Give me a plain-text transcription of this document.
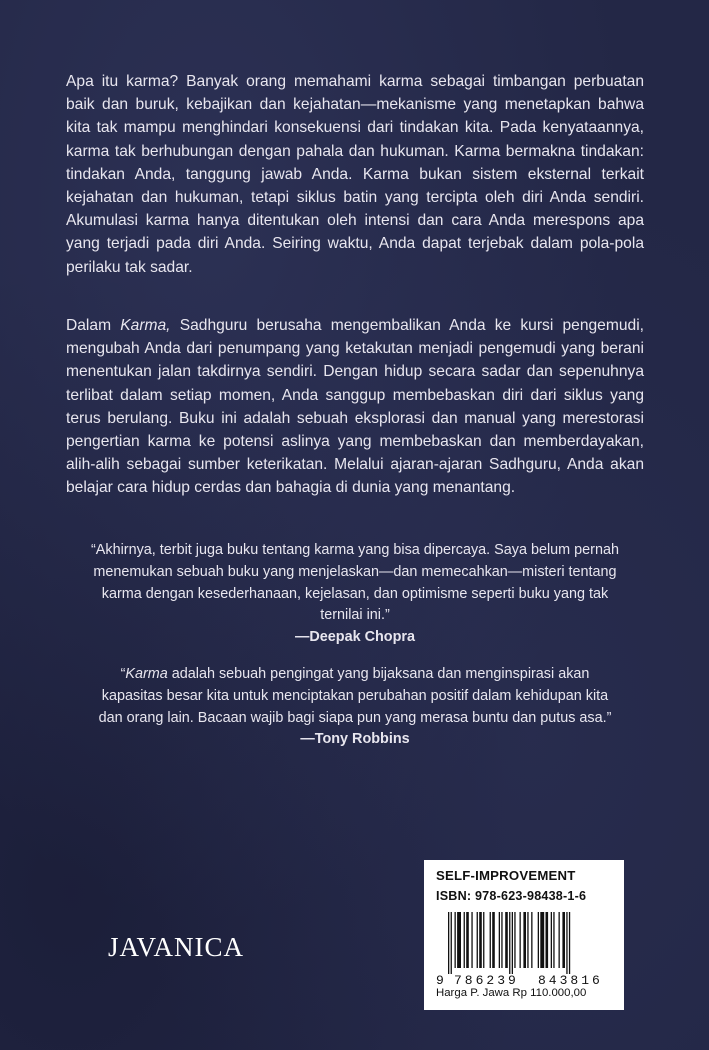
Apa itu karma? Banyak orang memahami karma sebagai timbangan perbuatan baik dan buruk, kebajikan dan kejahatan—mekanisme yang menetapkan bahwa kita tak mampu menghindari konsekuensi dari tindakan kita. Pada kenyataannya, karma tak berhubungan dengan pahala dan hukuman. Karma bermakna tindakan: tindakan Anda, tanggung jawab Anda. Karma bukan sistem eksternal terkait kejahatan dan hukuman, tetapi siklus batin yang tercipta oleh diri Anda sendiri. Akumulasi karma hanya ditentukan oleh intensi dan cara Anda merespons apa yang terjadi pada diri Anda. Seiring waktu, Anda dapat terjebak dalam pola-pola perilaku tak sadar.
Dalam Karma, Sadhguru berusaha mengembalikan Anda ke kursi pengemudi, mengubah Anda dari penumpang yang ketakutan menjadi pengemudi yang berani menentukan jalan takdirnya sendiri. Dengan hidup secara sadar dan sepenuhnya terlibat dalam setiap momen, Anda sanggup membebaskan diri dari siklus yang terus berulang. Buku ini adalah sebuah eksplorasi dan manual yang merestorasi pengertian karma ke potensi aslinya yang membebaskan dan memberdayakan, alih-alih sebagai sumber keterikatan. Melalui ajaran-ajaran Sadhguru, Anda akan belajar cara hidup cerdas dan bahagia di dunia yang menantang.
“Akhirnya, terbit juga buku tentang karma yang bisa dipercaya. Saya belum pernah menemukan sebuah buku yang menjelaskan—dan memecahkan—misteri tentang karma dengan kesederhanaan, kejelasan, dan optimisme seperti buku yang tak ternilai ini.”
—Deepak Chopra
“Karma adalah sebuah pengingat yang bijaksana dan menginspirasi akan kapasitas besar kita untuk menciptakan perubahan positif dalam kehidupan kita dan orang lain. Bacaan wajib bagi siapa pun yang merasa buntu dan putus asa.”
—Tony Robbins
JAVANICA
SELF-IMPROVEMENT
ISBN: 978-623-98438-1-6
9 786239 843816
Harga P. Jawa Rp 110.000,00
